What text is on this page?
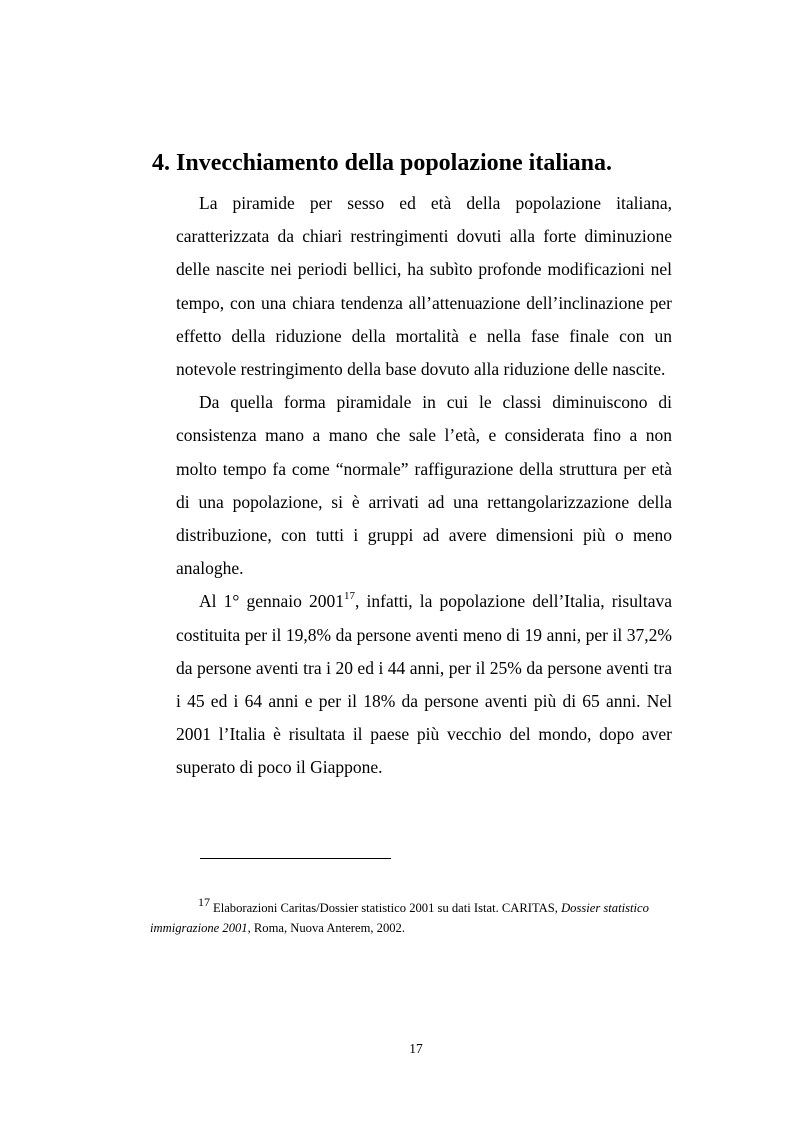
4. Invecchiamento della popolazione italiana.

La piramide per sesso ed età della popolazione italiana, caratterizzata da chiari restringimenti dovuti alla forte diminuzione delle nascite nei periodi bellici, ha subìto profonde modificazioni nel tempo, con una chiara tendenza all’attenuazione dell’inclinazione per effetto della riduzione della mortalità e nella fase finale con un notevole restringimento della base dovuto alla riduzione delle nascite.

Da quella forma piramidale in cui le classi diminuiscono di consistenza mano a mano che sale l’età, e considerata fino a non molto tempo fa come “normale” raffigurazione della struttura per età di una popolazione, si è arrivati ad una rettangolarizzazione della distribuzione, con tutti i gruppi ad avere dimensioni più o meno analoghe.

Al 1° gennaio 2001$^{17}$, infatti, la popolazione dell’Italia, risultava costituita per il 19,8% da persone aventi meno di 19 anni, per il 37,2% da persone aventi tra i 20 ed i 44 anni, per il 25% da persone aventi tra i 45 ed i 64 anni e per il 18% da persone aventi più di 65 anni. Nel 2001 l’Italia è risultata il paese più vecchio del mondo, dopo aver superato di poco il Giappone.

17 Elaborazioni Caritas/Dossier statistico 2001 su dati Istat. CARITAS, Dossier statistico immigrazione 2001, Roma, Nuova Anterem, 2002.

17
